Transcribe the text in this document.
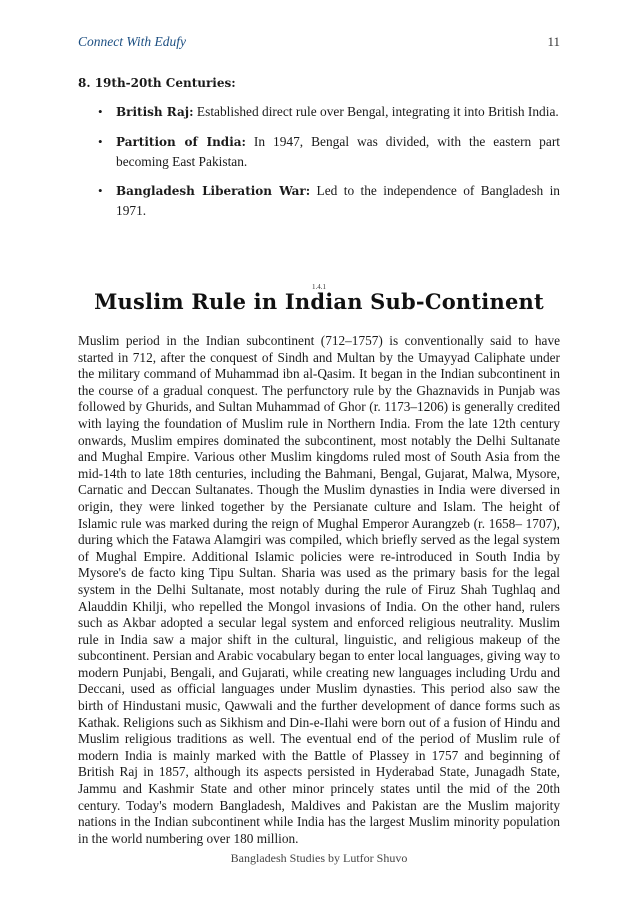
Connect With Edufy	11

8. 19th-20th Centuries:

• British Raj: Established direct rule over Bengal, integrating it into British India.
• Partition of India: In 1947, Bengal was divided, with the eastern part becoming East Pakistan.
• Bangladesh Liberation War: Led to the independence of Bangladesh in 1971.
1.4.1
Muslim Rule in Indian Sub-Continent

Muslim period in the Indian subcontinent (712–1757) is conventionally said to have started in 712, after the conquest of Sindh and Multan by the Umayyad Caliphate under the military command of Muhammad ibn al-Qasim. It began in the Indian subcontinent in the course of a gradual conquest. The perfunctory rule by the Ghaznavids in Punjab was followed by Ghurids, and Sultan Muhammad of Ghor (r. 1173–1206) is generally credited with laying the foundation of Muslim rule in Northern India. From the late 12th century onwards, Muslim empires dominated the subcontinent, most notably the Delhi Sultanate and Mughal Empire. Various other Muslim kingdoms ruled most of South Asia from the mid-14th to late 18th centuries, including the Bahmani, Bengal, Gujarat, Malwa, Mysore, Carnatic and Deccan Sultanates. Though the Muslim dynasties in India were diversed in origin, they were linked together by the Persianate culture and Islam. The height of Islamic rule was marked during the reign of Mughal Emperor Aurangzeb (r. 1658– 1707), during which the Fatawa Alamgiri was compiled, which briefly served as the legal system of Mughal Empire. Additional Islamic policies were re-introduced in South India by Mysore's de facto king Tipu Sultan. Sharia was used as the primary basis for the legal system in the Delhi Sultanate, most notably during the rule of Firuz Shah Tughlaq and Alauddin Khilji, who repelled the Mongol invasions of India. On the other hand, rulers such as Akbar adopted a secular legal system and enforced religious neutrality. Muslim rule in India saw a major shift in the cultural, linguistic, and religious makeup of the subcontinent. Persian and Arabic vocabulary began to enter local languages, giving way to modern Punjabi, Bengali, and Gujarati, while creating new languages including Urdu and Deccani, used as official languages under Muslim dynasties. This period also saw the birth of Hindustani music, Qawwali and the further development of dance forms such as Kathak. Religions such as Sikhism and Din-e-Ilahi were born out of a fusion of Hindu and Muslim religious traditions as well. The eventual end of the period of Muslim rule of modern India is mainly marked with the Battle of Plassey in 1757 and beginning of British Raj in 1857, although its aspects persisted in Hyderabad State, Junagadh State, Jammu and Kashmir State and other minor princely states until the mid of the 20th century. Today's modern Bangladesh, Maldives and Pakistan are the Muslim majority nations in the Indian subcontinent while India has the largest Muslim minority population in the world numbering over 180 million.

Bangladesh Studies by Lutfor Shuvo
